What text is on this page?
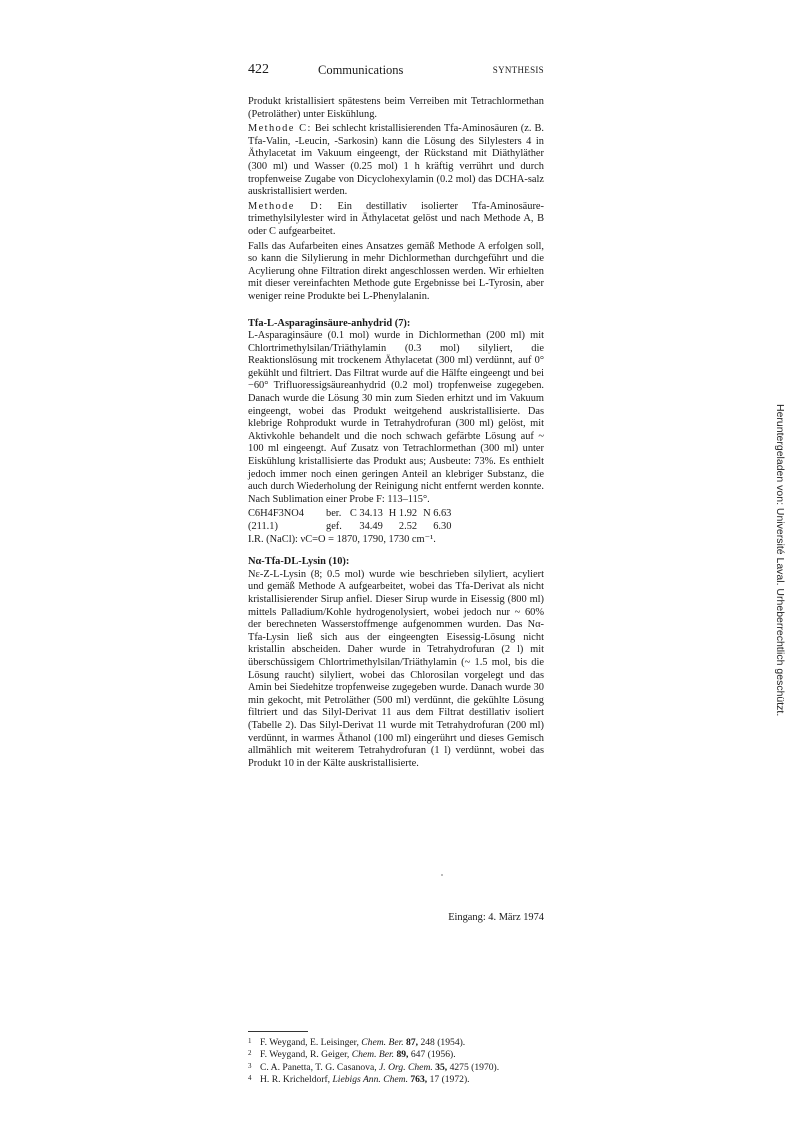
422	Communications	SYNTHESIS

Produkt kristallisiert spätestens beim Verreiben mit Tetrachlormethan (Petroläther) unter Eiskühlung.

Methode C: Bei schlecht kristallisierenden Tfa-Aminosäuren (z. B. Tfa-Valin, -Leucin, -Sarkosin) kann die Lösung des Silylesters 4 in Äthylacetat im Vakuum eingeengt, der Rückstand mit Diäthyläther (300 ml) und Wasser (0.25 mol) 1 h kräftig verrührt und durch tropfenweise Zugabe von Dicyclohexylamin (0.2 mol) das DCHA-salz auskristallisiert werden.

Methode D: Ein destillativ isolierter Tfa-Aminosäure-trimethylsilylester wird in Äthylacetat gelöst und nach Methode A, B oder C aufgearbeitet.

Falls das Aufarbeiten eines Ansatzes gemäß Methode A erfolgen soll, so kann die Silylierung in mehr Dichlormethan durchgeführt und die Acylierung ohne Filtration direkt angeschlossen werden. Wir erhielten mit dieser vereinfachten Methode gute Ergebnisse bei L-Tyrosin, aber weniger reine Produkte bei L-Phenylalanin.

Tfa-L-Asparaginsäure-anhydrid (7):

L-Asparaginsäure (0.1 mol) wurde in Dichlormethan (200 ml) mit Chlortrimethylsilan/Triäthylamin (0.3 mol) silyliert, die Reaktionslösung mit trockenem Äthylacetat (300 ml) verdünnt, auf 0° gekühlt und filtriert. Das Filtrat wurde auf die Hälfte eingeengt und bei −60° Trifluoressigsäureanhydrid (0.2 mol) tropfenweise zugegeben. Danach wurde die Lösung 30 min zum Sieden erhitzt und im Vakuum eingeengt, wobei das Produkt weitgehend auskristallisierte. Das klebrige Rohprodukt wurde in Tetrahydrofuran (300 ml) gelöst, mit Aktivkohle behandelt und die noch schwach gefärbte Lösung auf ~ 100 ml eingeengt. Auf Zusatz von Tetrachlormethan (300 ml) unter Eiskühlung kristallisierte das Produkt aus; Ausbeute: 73%. Es enthielt jedoch immer noch einen geringen Anteil an klebriger Substanz, die auch durch Wiederholung der Reinigung nicht entfernt werden konnte. Nach Sublimation einer Probe F: 113–115°.

C6H4F3NO4	ber.	C 34.13	H 1.92	N 6.63
(211.1)	gef.	34.49	2.52	6.30

I.R. (NaCl): νC=O = 1870, 1790, 1730 cm⁻¹.

Nα-Tfa-DL-Lysin (10):

Nε-Z-L-Lysin (8; 0.5 mol) wurde wie beschrieben silyliert, acyliert und gemäß Methode A aufgearbeitet, wobei das Tfa-Derivat als nicht kristallisierender Sirup anfiel. Dieser Sirup wurde in Eisessig (800 ml) mittels Palladium/Kohle hydrogenolysiert, wobei jedoch nur ~ 60% der berechneten Wasserstoffmenge aufgenommen wurden. Das Nα-Tfa-Lysin ließ sich aus der eingeengten Eisessig-Lösung nicht kristallin abscheiden. Daher wurde in Tetrahydrofuran (2 l) mit überschüssigem Chlortrimethylsilan/Triäthylamin (~ 1.5 mol, bis die Lösung raucht) silyliert, wobei das Chlorosilan vorgelegt und das Amin bei Siedehitze tropfenweise zugegeben wurde. Danach wurde 30 min gekocht, mit Petroläther (500 ml) verdünnt, die gekühlte Lösung filtriert und das Silyl-Derivat 11 aus dem Filtrat destillativ isoliert (Tabelle 2). Das Silyl-Derivat 11 wurde mit Tetrahydrofuran (200 ml) verdünnt, in warmes Äthanol (100 ml) eingerührt und dieses Gemisch allmählich mit weiterem Tetrahydrofuran (1 l) verdünnt, wobei das Produkt 10 in der Kälte auskristallisierte.

Eingang: 4. März 1974
1 F. Weygand, E. Leisinger, Chem. Ber. 87, 248 (1954).
2 F. Weygand, R. Geiger, Chem. Ber. 89, 647 (1956).
3 C. A. Panetta, T. G. Casanova, J. Org. Chem. 35, 4275 (1970).
4 H. R. Kricheldorf, Liebigs Ann. Chem. 763, 17 (1972).
Heruntergeladen von: Université Laval. Urheberrechtlich geschützt.
